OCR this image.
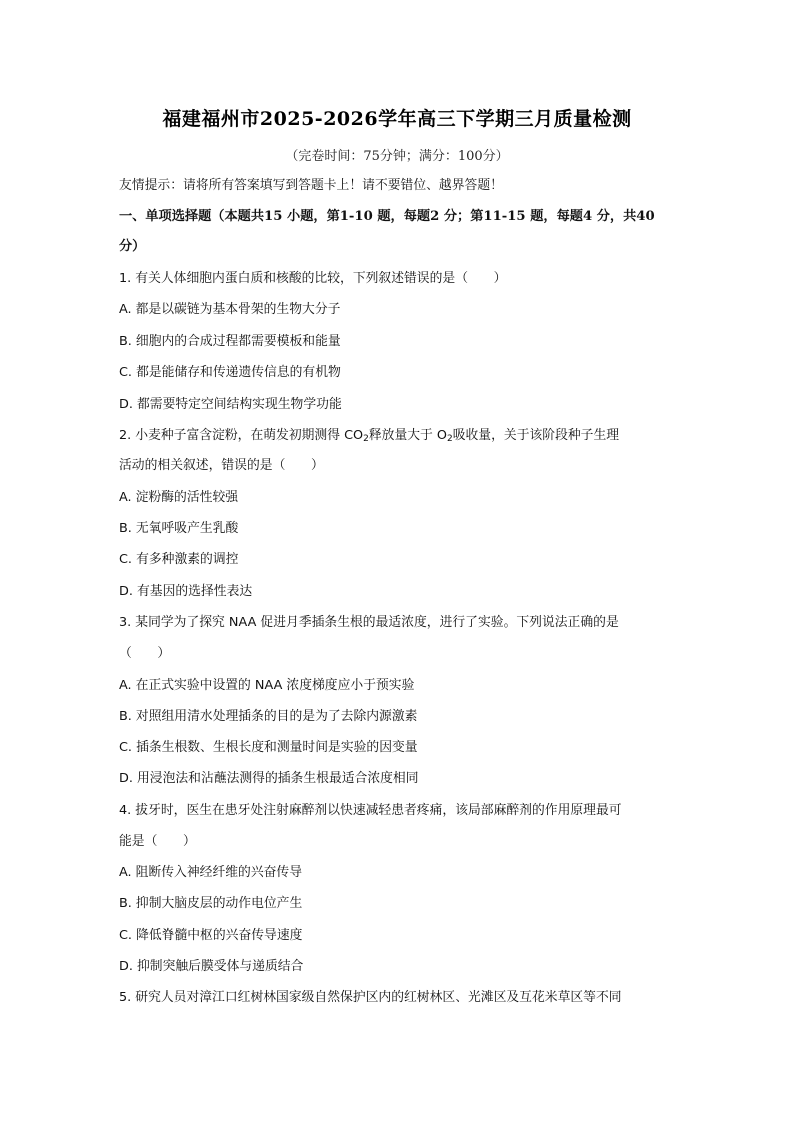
福建福州市2025-2026学年高三下学期三月质量检测
（完卷时间：75分钟；满分：100分）
友情提示：请将所有答案填写到答题卡上！请不要错位、越界答题！
一、单项选择题（本题共15 小题，第1-10 题，每题2 分；第11-15 题，每题4 分，共40
分）
1. 有关人体细胞内蛋白质和核酸的比较，下列叙述错误的是（　　）
A. 都是以碳链为基本骨架的生物大分子
B. 细胞内的合成过程都需要模板和能量
C. 都是能储存和传递遗传信息的有机物
D. 都需要特定空间结构实现生物学功能
2. 小麦种子富含淀粉，在萌发初期测得 $CO_2$释放量大于 $O_2$吸收量，关于该阶段种子生理
活动的相关叙述，错误的是（　　）
A. 淀粉酶的活性较强
B. 无氧呼吸产生乳酸
C. 有多种激素的调控
D. 有基因的选择性表达
3. 某同学为了探究 NAA 促进月季插条生根的最适浓度，进行了实验。下列说法正确的是
（　　）
A. 在正式实验中设置的 NAA 浓度梯度应小于预实验
B. 对照组用清水处理插条的目的是为了去除内源激素
C. 插条生根数、生根长度和测量时间是实验的因变量
D. 用浸泡法和沾蘸法测得的插条生根最适合浓度相同
4. 拔牙时，医生在患牙处注射麻醉剂以快速减轻患者疼痛，该局部麻醉剂的作用原理最可
能是（　　）
A. 阻断传入神经纤维的兴奋传导
B. 抑制大脑皮层的动作电位产生
C. 降低脊髓中枢的兴奋传导速度
D. 抑制突触后膜受体与递质结合
5. 研究人员对漳江口红树林国家级自然保护区内的红树林区、光滩区及互花米草区等不同
